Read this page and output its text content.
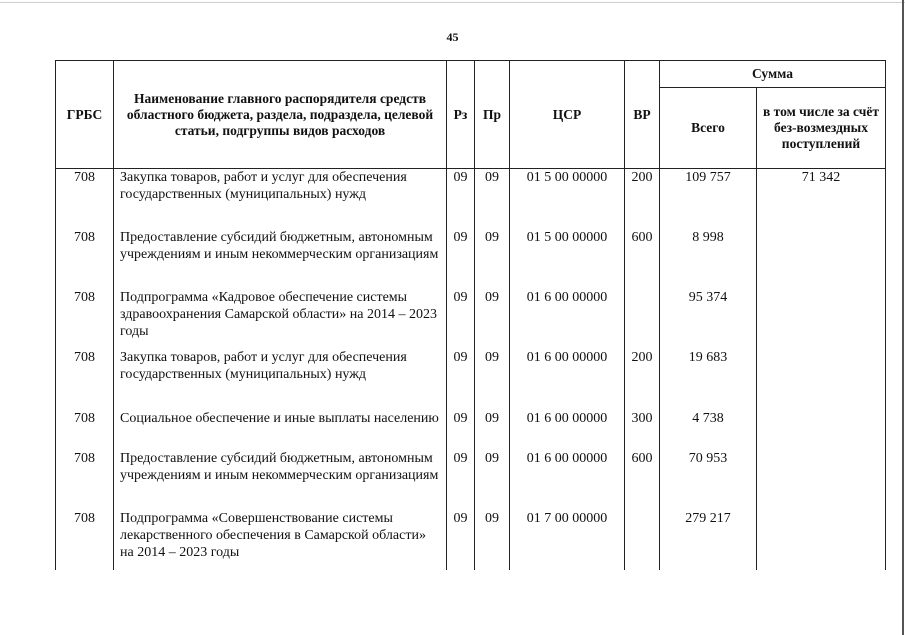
45
ГРБС	Наименование главного распорядителя средств областного бюджета, раздела, подраздела, целевой статьи, подгруппы видов расходов	Рз	Пр	ЦСР	ВР	Сумма	
						Всего	в том числе за счёт без-возмездных поступлений
708	Закупка товаров, работ и услуг для обеспечения государственных (муниципальных) нужд	09	09	01 5 00 00000	200	109 757	71 342
708	Предоставление субсидий бюджетным, автономным учреждениям и иным некоммерческим организациям	09	09	01 5 00 00000	600	8 998	
708	Подпрограмма «Кадровое обеспечение системы здравоохранения Самарской области» на 2014 – 2023 годы	09	09	01 6 00 00000		95 374	
708	Закупка товаров, работ и услуг для обеспечения государственных (муниципальных) нужд	09	09	01 6 00 00000	200	19 683	
708	Социальное обеспечение и иные выплаты населению	09	09	01 6 00 00000	300	4 738	
708	Предоставление субсидий бюджетным, автономным учреждениям и иным некоммерческим организациям	09	09	01 6 00 00000	600	70 953	
708	Подпрограмма «Совершенствование системы лекарственного обеспечения в Самарской области» на 2014 – 2023 годы	09	09	01 7 00 00000		279 217	
